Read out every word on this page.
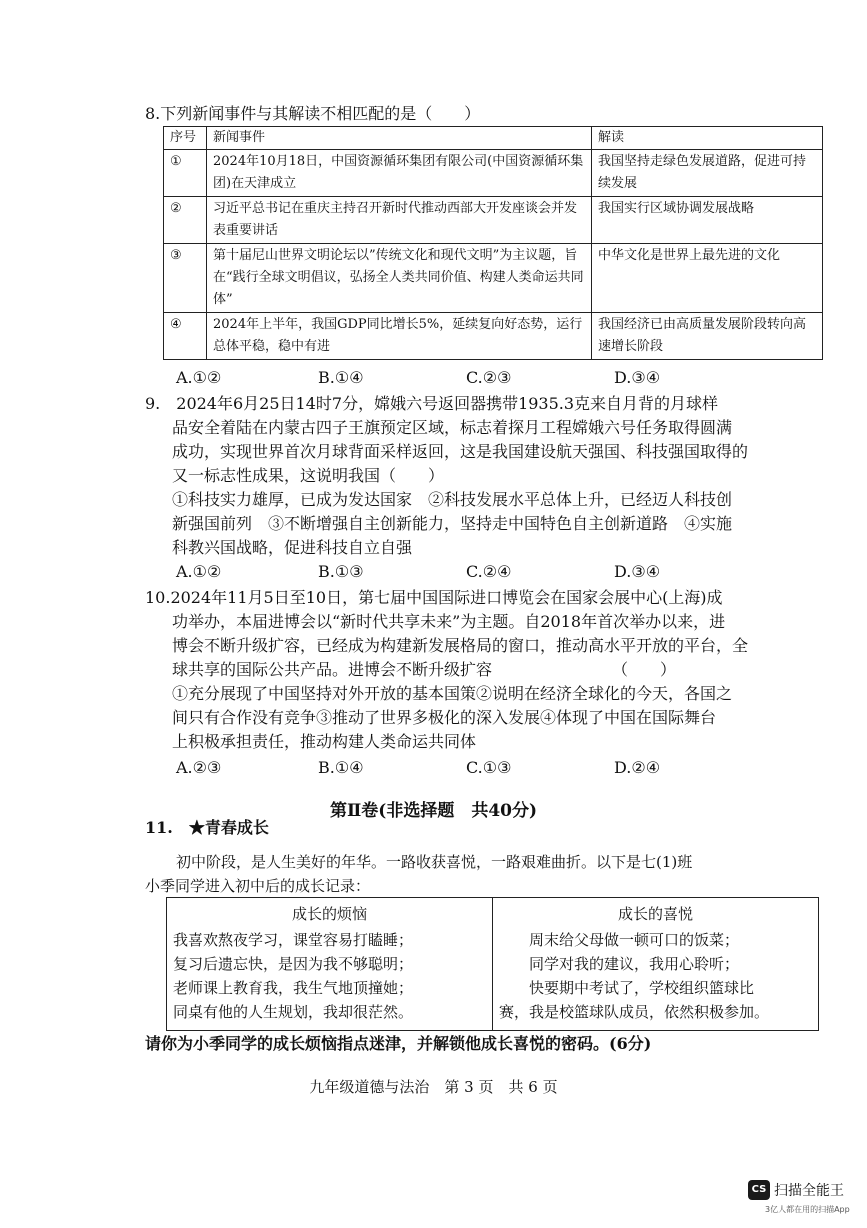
8.下列新闻事件与其解读不相匹配的是（　　）
序号	新闻事件	解读
①	2024年10月18日，中国资源循环集团有限公司(中国资源循环集团)在天津成立	我国坚持走绿色发展道路，促进可持续发展
②	习近平总书记在重庆主持召开新时代推动西部大开发座谈会并发表重要讲话	我国实行区域协调发展战略
③	第十届尼山世界文明论坛以”传统文化和现代文明”为主议题，旨在“践行全球文明倡议，弘扬全人类共同价值、构建人类命运共同体”	中华文化是世界上最先进的文化
④	2024年上半年，我国GDP同比增长5%，延续复向好态势，运行总体平稳，稳中有进	我国经济已由高质量发展阶段转向高速增长阶段
A.①②	B.①④	C.②③	D.③④
9.　2024年6月25日14时7分，嫦娥六号返回器携带1935.3克来自月背的月球样
品安全着陆在内蒙古四子王旗预定区域，标志着探月工程嫦娥六号任务取得圆满
成功，实现世界首次月球背面采样返回，这是我国建设航天强国、科技强国取得的
又一标志性成果，这说明我国（　　）
①科技实力雄厚，已成为发达国家　②科技发展水平总体上升，已经迈人科技创
新强国前列　③不断增强自主创新能力，坚持走中国特色自主创新道路　④实施
科教兴国战略，促进科技自立自强
A.①②	B.①③	C.②④	D.③④
10.2024年11月5日至10日，第七届中国国际进口博览会在国家会展中心(上海)成
功举办，本届进博会以“新时代共享未来”为主题。自2018年首次举办以来，进
博会不断升级扩容，已经成为构建新发展格局的窗口，推动高水平开放的平台，全
球共享的国际公共产品。进博会不断升级扩容　　　　　　　　（　　）
①充分展现了中国坚持对外开放的基本国策②说明在经济全球化的今天，各国之
间只有合作没有竞争③推动了世界多极化的深入发展④体现了中国在国际舞台
上积极承担责任，推动构建人类命运共同体
A.②③	B.①④	C.①③	D.②④
第Ⅱ卷(非选择题　共40分)
11.　★青春成长
初中阶段，是人生美好的年华。一路收获喜悦，一路艰难曲折。以下是七(1)班
小季同学进入初中后的成长记录：
成长的烦恼
我喜欢熬夜学习，课堂容易打瞌睡；
复习后遗忘快，是因为我不够聪明；
老师课上教育我，我生气地顶撞她；
同桌有他的人生规划，我却很茫然。
成长的喜悦
周末给父母做一顿可口的饭菜；
同学对我的建议，我用心聆听；
快要期中考试了，学校组织篮球比
赛，我是校篮球队成员，依然积极参加。
请你为小季同学的成长烦恼指点迷津，并解锁他成长喜悦的密码。(6分)
九年级道德与法治　第 3 页　共 6 页
CS 扫描全能王
3亿人都在用的扫描App
